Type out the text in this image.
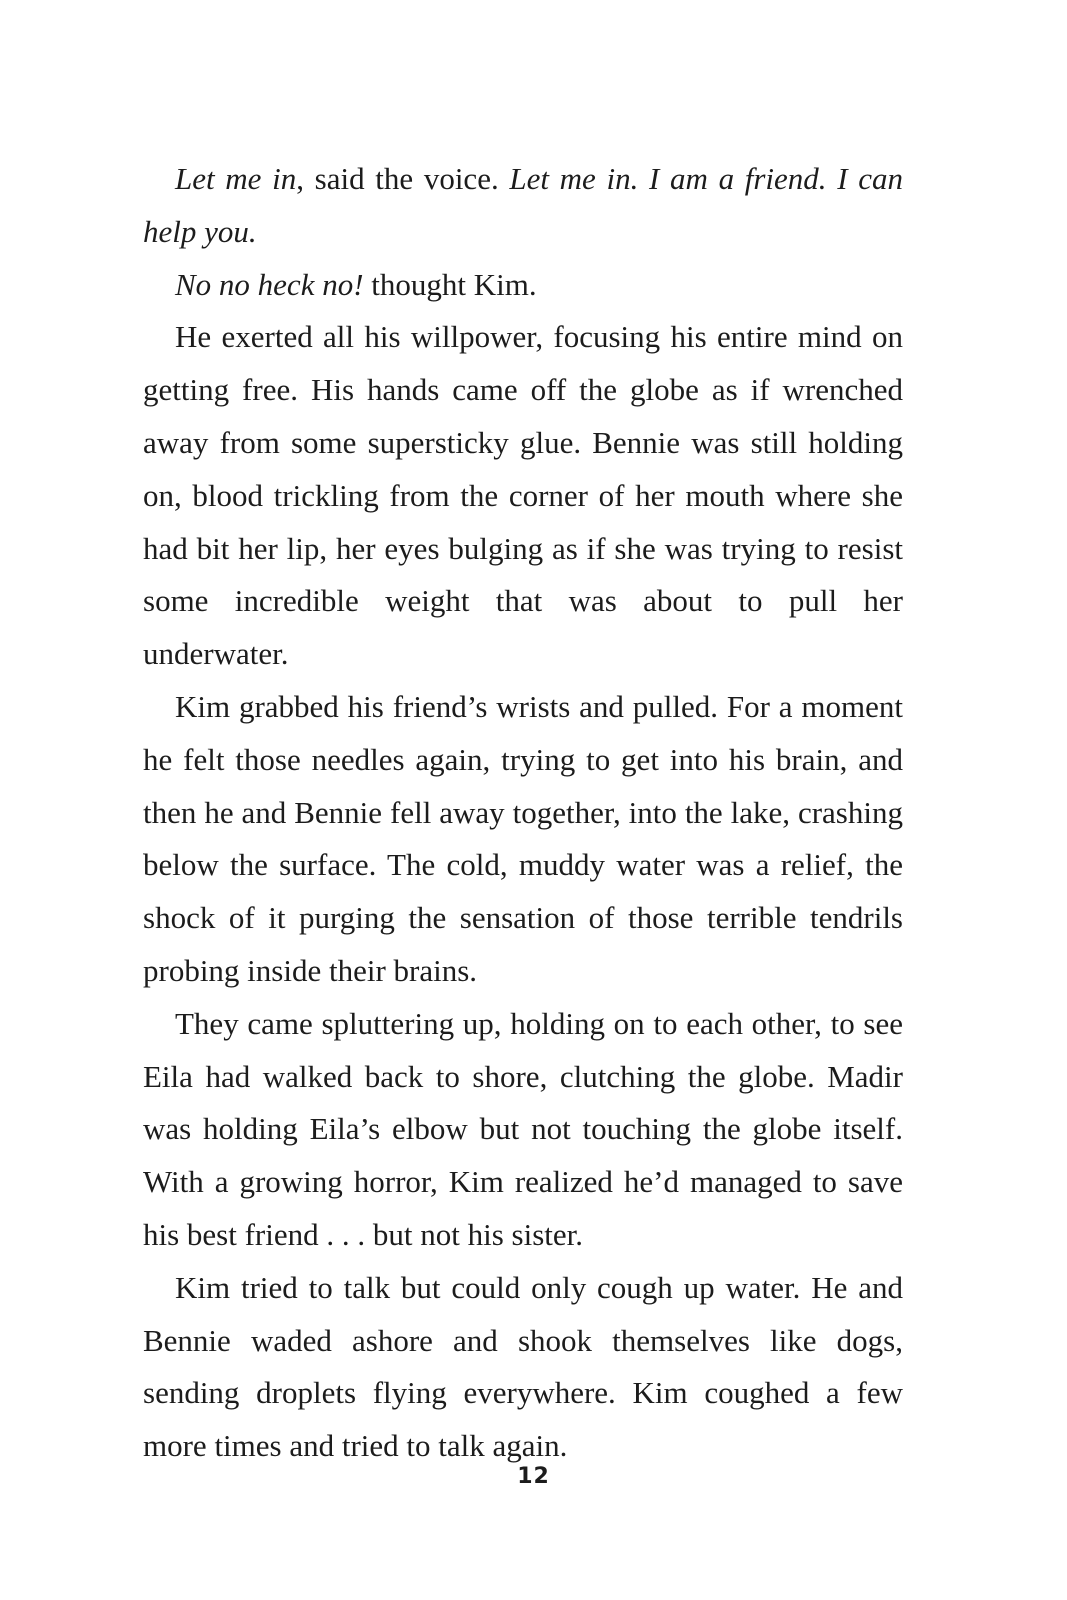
Let me in, said the voice. Let me in. I am a friend. I can help you.

No no heck no! thought Kim.

He exerted all his willpower, focusing his entire mind on getting free. His hands came off the globe as if wrenched away from some supersticky glue. Bennie was still holding on, blood trickling from the corner of her mouth where she had bit her lip, her eyes bulging as if she was trying to resist some incredible weight that was about to pull her underwater.

Kim grabbed his friend’s wrists and pulled. For a moment he felt those needles again, trying to get into his brain, and then he and Bennie fell away together, into the lake, crashing below the surface. The cold, muddy water was a relief, the shock of it purging the sensation of those terrible tendrils probing inside their brains.

They came spluttering up, holding on to each other, to see Eila had walked back to shore, clutching the globe. Madir was holding Eila’s elbow but not touching the globe itself. With a growing horror, Kim realized he’d managed to save his best friend . . . but not his sister.

Kim tried to talk but could only cough up water. He and Bennie waded ashore and shook themselves like dogs, sending droplets flying everywhere. Kim coughed a few more times and tried to talk again.

12
